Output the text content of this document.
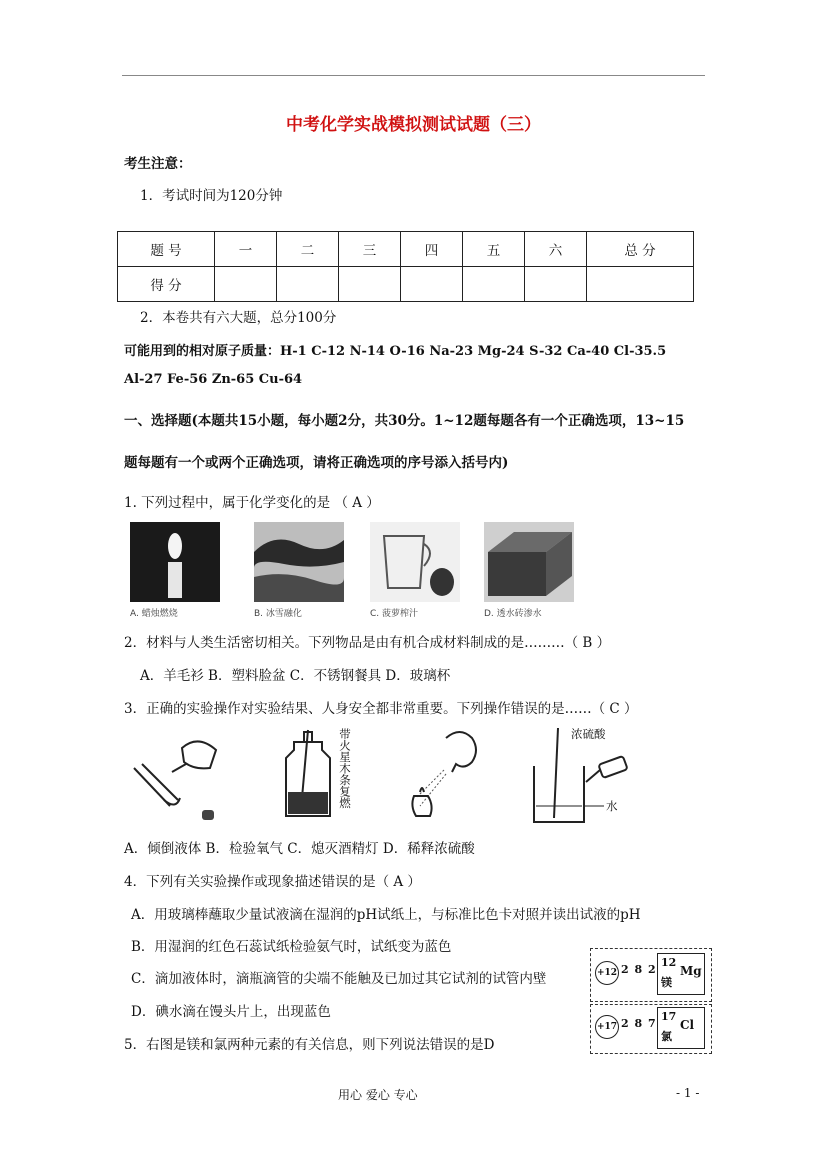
中考化学实战模拟测试试题（三）
考生注意：
1．考试时间为120分钟
题 号	一	二	三	四	五	六	总 分
得 分							
2．本卷共有六大题，总分100分
可能用到的相对原子质量：H-1 C-12 N-14 O-16 Na-23 Mg-24 S-32 Ca-40 Cl-35.5
Al-27 Fe-56 Zn-65 Cu-64
一、选择题(本题共15小题，每小题2分，共30分。1~12题每题各有一个正确选项，13~15
题每题有一个或两个正确选项，请将正确选项的序号添入括号内)
1. 下列过程中，属于化学变化的是 （ A ）
A. 蜡烛燃烧	B. 冰雪融化	C. 菠萝榨汁	D. 透水砖渗水
2．材料与人类生活密切相关。下列物品是由有机合成材料制成的是………（ B ）
A．羊毛衫 B．塑料脸盆 C．不锈钢餐具 D．玻璃杯
3．正确的实验操作对实验结果、人身安全都非常重要。下列操作错误的是……（ C ）
带火星木条复燃	浓硫酸
水
A．倾倒液体 B．检验氧气 C．熄灭酒精灯 D．稀释浓硫酸
4．下列有关实验操作或现象描述错误的是（ A ）
A．用玻璃棒蘸取少量试液滴在湿润的pH试纸上，与标准比色卡对照并读出试液的pH
B．用湿润的红色石蕊试纸检验氨气时，试纸变为蓝色
C．滴加液体时，滴瓶滴管的尖端不能触及已加过其它试剂的试管内壁
D．碘水滴在馒头片上，出现蓝色
5．右图是镁和氯两种元素的有关信息，则下列说法错误的是D
+12 2 8 2
12
镁
Mg
+17 2 8 7
17
氯
Cl
用心 爱心 专心	- 1 -
